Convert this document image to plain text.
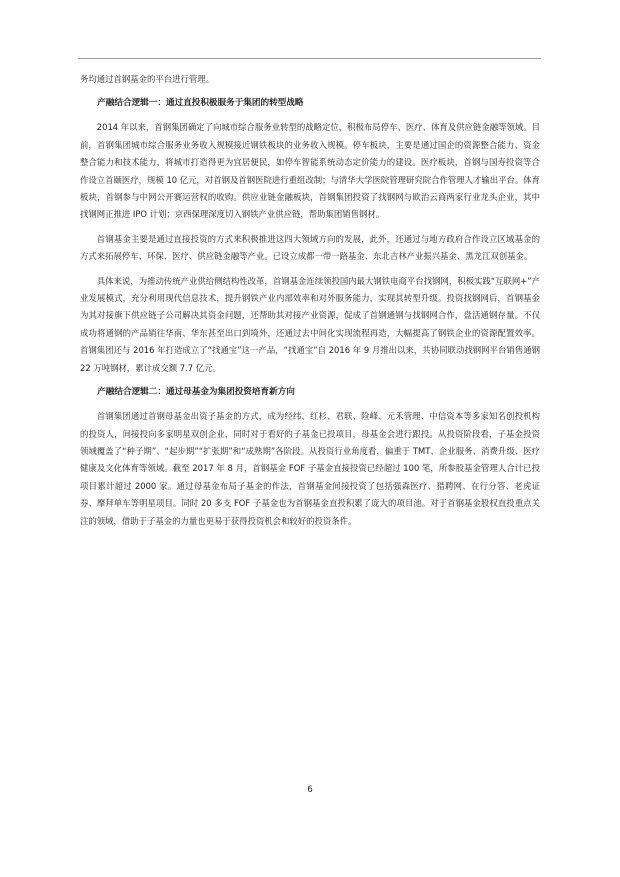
务均通过首钢基金的平台进行管理。

产融结合逻辑一：通过直投积极服务于集团的转型战略

2014 年以来，首钢集团确定了向城市综合服务业转型的战略定位，积极布局停车、医疗、体育及供应链金融等领域。目前，首钢集团城市综合服务业务收入规模接近钢铁板块的业务收入规模。停车板块，主要是通过国企的资源整合能力、资金整合能力和技术能力，将城市打造得更为宜居便民，如停车智能系统动态定价能力的建设。医疗板块，首钢与国寿投资等合作设立首颐医疗，规模 10 亿元，对首钢及首钢医院进行重组改制；与清华大学医院管理研究院合作管理人才输出平台。体育板块，首钢参与中网公开赛运营权的收购。供应业链金融板块，首钢集团投资了找钢网与欧治云商两家行业龙头企业，其中找钢网正推进 IPO 计划；京西保理深度切入钢铁产业供应链，帮助集团销售钢材。

首钢基金主要是通过直接投资的方式来积极推进这四大领域方向的发展，此外，还通过与地方政府合作设立区域基金的方式来拓展停车、环保、医疗、供应链金融等产业。已设立成都一带一路基金、东北吉林产业振兴基金、黑龙江双创基金。

具体来说，为推动传统产业供给侧结构性改革，首钢基金连续领投国内最大钢铁电商平台找钢网，积极实践“互联网+”产业发展模式，充分利用现代信息技术，提升钢铁产业内部效率和对外服务能力，实现其转型升级。投资找钢网后，首钢基金为其对接旗下供应链子公司解决其资金问题，还帮助其对接产业资源，促成了首钢通钢与找钢网合作，盘活通钢存量。不仅成功将通钢的产品销往华南、华东甚至出口到境外，还通过去中间化实现流程再造，大幅提高了钢铁企业的资源配置效率。首钢集团还与 2016 年打造成立了“找通宝”这一产品，“找通宝”自 2016 年 9 月推出以来，共协同联动找钢网平台销售通钢 22 万吨钢材，累计成交额 7.7 亿元。

产融结合逻辑二：通过母基金为集团投资培育新方向

首钢集团通过首钢母基金出资子基金的方式，成为经纬、红杉、君联、险峰、元禾管理、中信资本等多家知名创投机构的投资人，间接投向多家明星双创企业，同时对于看好的子基金已投项目，母基金会进行跟投。从投资阶段看，子基金投资领域覆盖了“种子期”、“起步期”“扩张期”和“成熟期”各阶段。从投资行业角度看，偏重于 TMT、企业服务、消费升级、医疗健康及文化体育等领域。截至 2017 年 8 月，首钢基金 FOF 子基金直接投资已经超过 100 笔，所参股基金管理人合计已投项目累计超过 2000 家。通过母基金布局子基金的作法，首钢基金间接投资了包括强森医疗、猎聘网、在行分答、老虎证券、摩拜单车等明星项目。同时 20 多支 FOF 子基金也为首钢基金直投积累了庞大的项目池。对于首钢基金股权直投重点关注的领域，借助于子基金的力量也更易于获得投资机会和较好的投资条件。

6
